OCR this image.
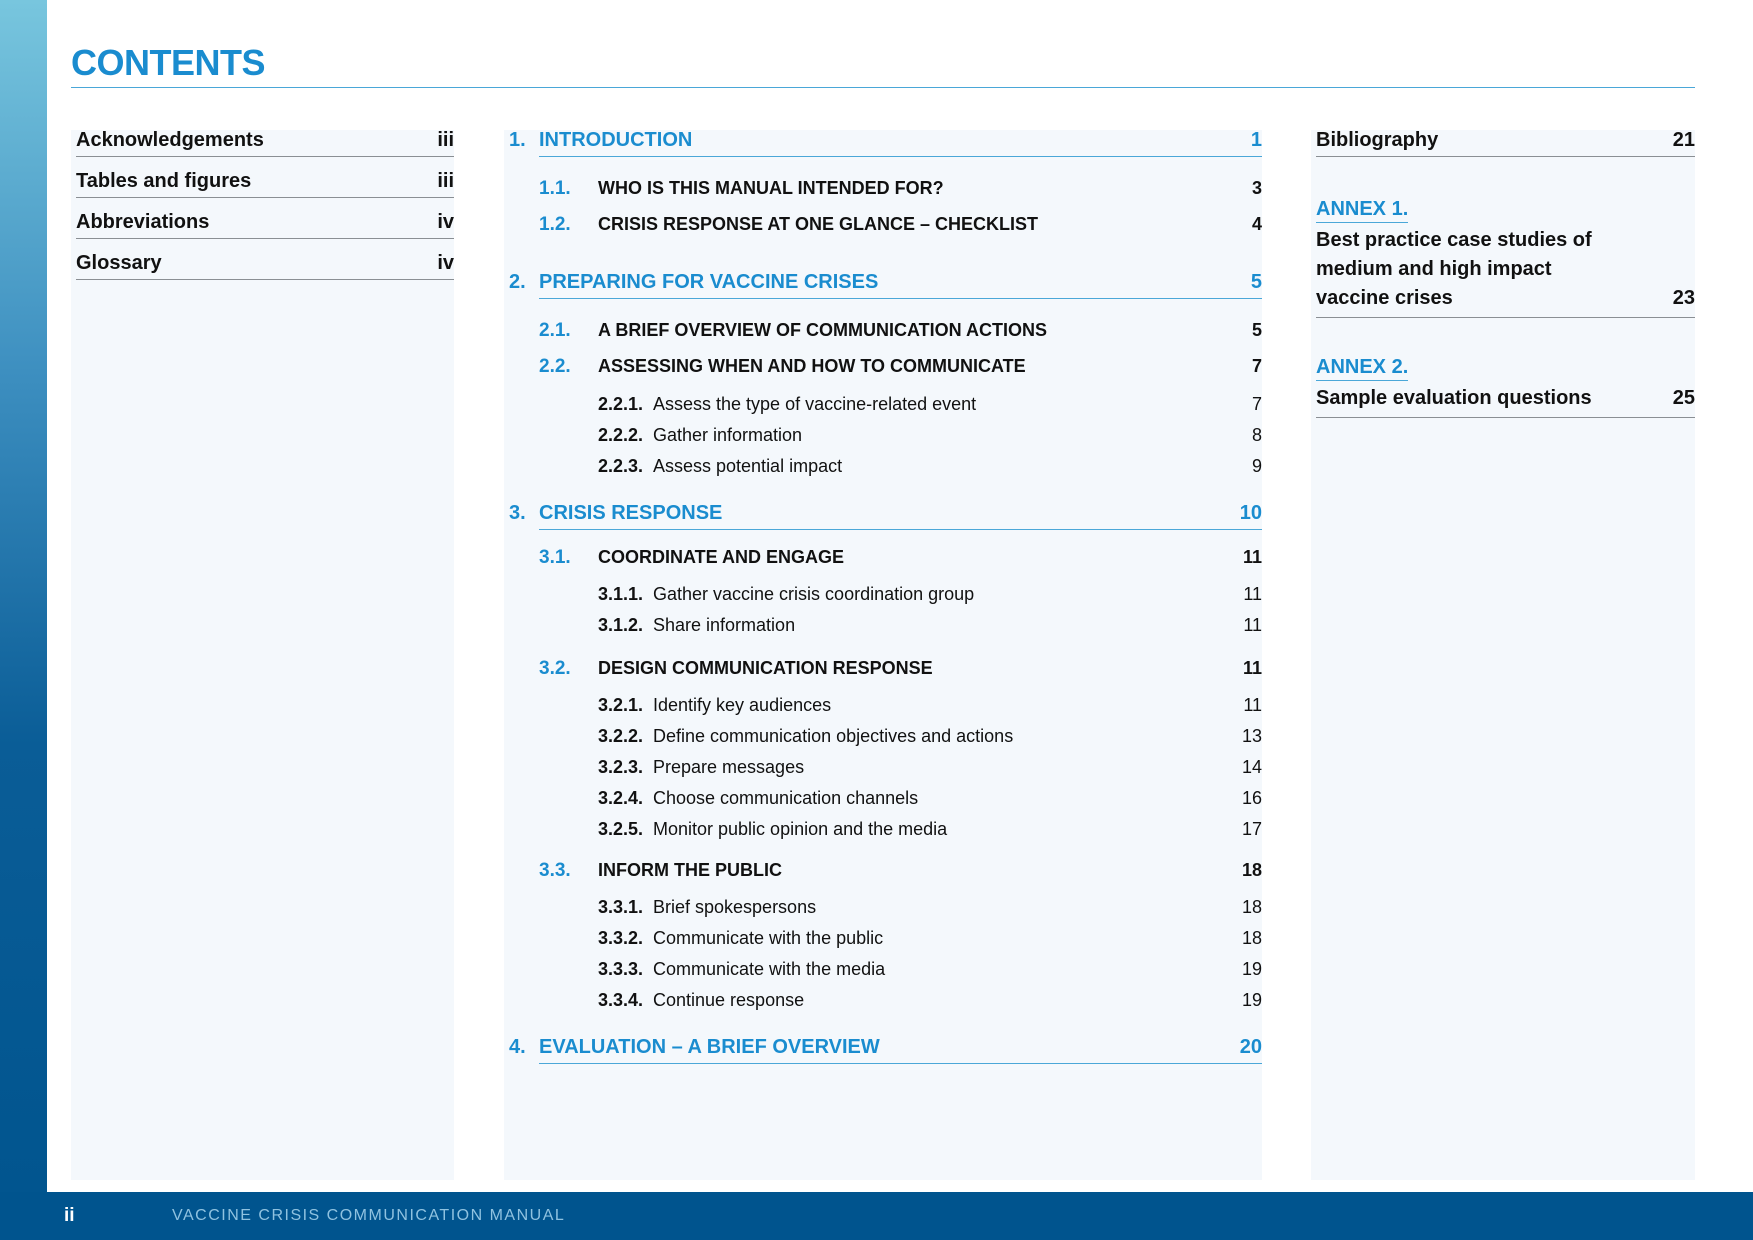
CONTENTS
Acknowledgements	iii
Tables and figures	iii
Abbreviations	iv
Glossary	iv
1. INTRODUCTION	1
1.1.	WHO IS THIS MANUAL INTENDED FOR?	3
1.2.	CRISIS RESPONSE AT ONE GLANCE – CHECKLIST	4
2. PREPARING FOR VACCINE CRISES	5
2.1.	A BRIEF OVERVIEW OF COMMUNICATION ACTIONS	5
2.2.	ASSESSING WHEN AND HOW TO COMMUNICATE	7
2.2.1. Assess the type of vaccine-related event	7
2.2.2. Gather information	8
2.2.3. Assess potential impact	9
3. CRISIS RESPONSE	10
3.1.	COORDINATE AND ENGAGE	11
3.1.1. Gather vaccine crisis coordination group	11
3.1.2. Share information	11
3.2.	DESIGN COMMUNICATION RESPONSE	11
3.2.1. Identify key audiences	11
3.2.2. Define communication objectives and actions	13
3.2.3. Prepare messages	14
3.2.4. Choose communication channels	16
3.2.5. Monitor public opinion and the media	17
3.3.	INFORM THE PUBLIC	18
3.3.1. Brief spokespersons	18
3.3.2. Communicate with the public	18
3.3.3. Communicate with the media	19
3.3.4. Continue response	19
4. EVALUATION – A BRIEF OVERVIEW	20
Bibliography	21
ANNEX 1.
Best practice case studies of
medium and high impact
vaccine crises	23
ANNEX 2.
Sample evaluation questions	25
ii	VACCINE CRISIS COMMUNICATION MANUAL
